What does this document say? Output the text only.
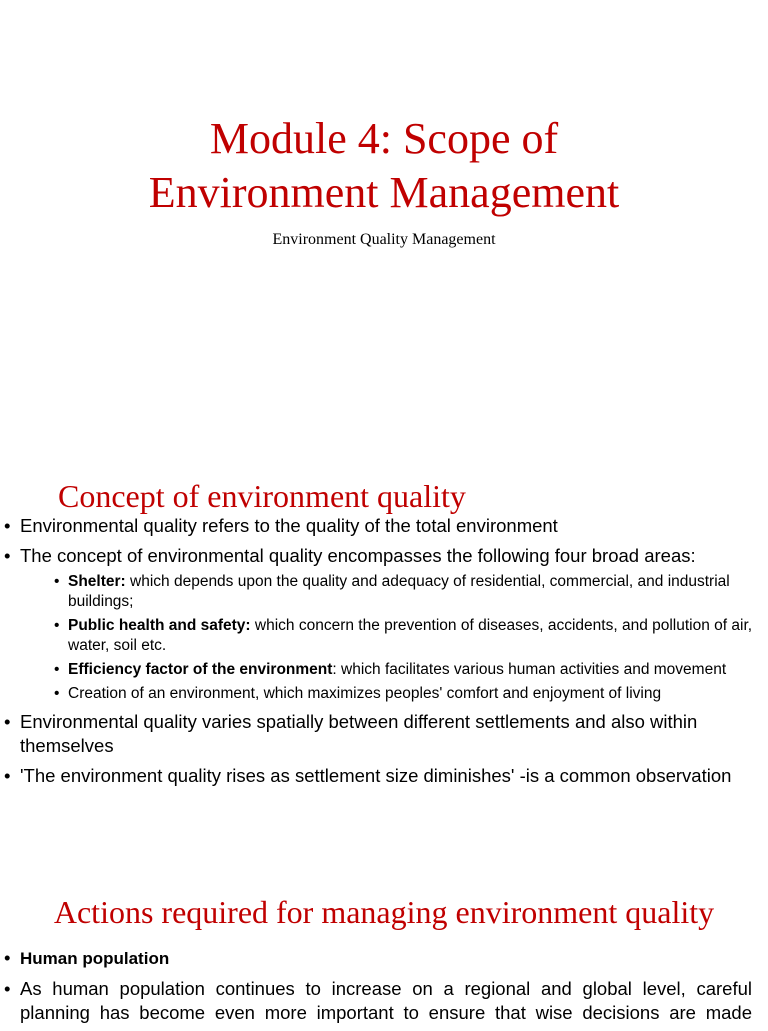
Module 4: Scope of
Environment Management

Environment Quality Management

Concept of environment quality
• Environmental quality refers to the quality of the total environment
• The concept of environmental quality encompasses the following four broad areas:
• Shelter: which depends upon the quality and adequacy of residential, commercial, and industrial buildings;
• Public health and safety: which concern the prevention of diseases, accidents, and pollution of air, water, soil etc.
• Efficiency factor of the environment: which facilitates various human activities and movement
• Creation of an environment, which maximizes peoples' comfort and enjoyment of living
• Environmental quality varies spatially between different settlements and also within themselves
• 'The environment quality rises as settlement size diminishes' -is a common observation
Actions required for managing environment quality
• Human population
• As human population continues to increase on a regional and global level, careful
planning has become even more important to ensure that wise decisions are made
